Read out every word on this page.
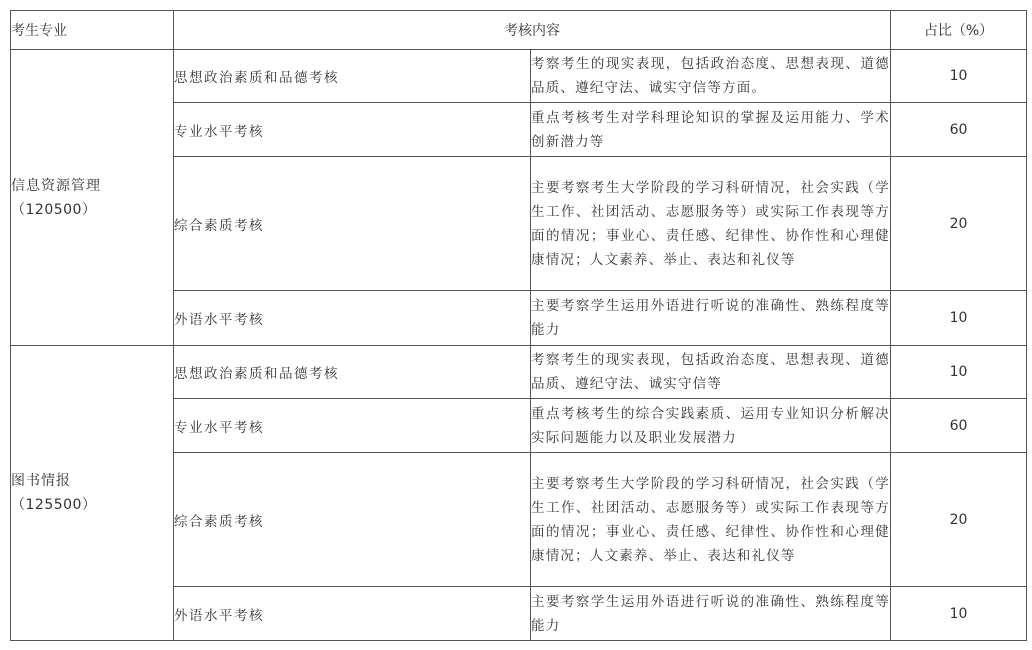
考生专业	考核内容		占比（%）

信息资源管理
（120500）	思想政治素质和品德考核	考察考生的现实表现，包括政治态度、思想表现、道德品质、遵纪守法、诚实守信等方面。	10
	专业水平考核	重点考核考生对学科理论知识的掌握及运用能力、学术创新潜力等	60
	综合素质考核	主要考察考生大学阶段的学习科研情况，社会实践（学生工作、社团活动、志愿服务等）或实际工作表现等方面的情况；事业心、责任感、纪律性、协作性和心理健康情况；人文素养、举止、表达和礼仪等	20
	外语水平考核	主要考察学生运用外语进行听说的准确性、熟练程度等能力	10

图书情报
（125500）	思想政治素质和品德考核	考察考生的现实表现，包括政治态度、思想表现、道德品质、遵纪守法、诚实守信等	10
	专业水平考核	重点考核考生的综合实践素质、运用专业知识分析解决实际问题能力以及职业发展潜力	60
	综合素质考核	主要考察考生大学阶段的学习科研情况，社会实践（学生工作、社团活动、志愿服务等）或实际工作表现等方面的情况；事业心、责任感、纪律性、协作性和心理健康情况；人文素养、举止、表达和礼仪等	20
	外语水平考核	主要考察学生运用外语进行听说的准确性、熟练程度等能力	10
